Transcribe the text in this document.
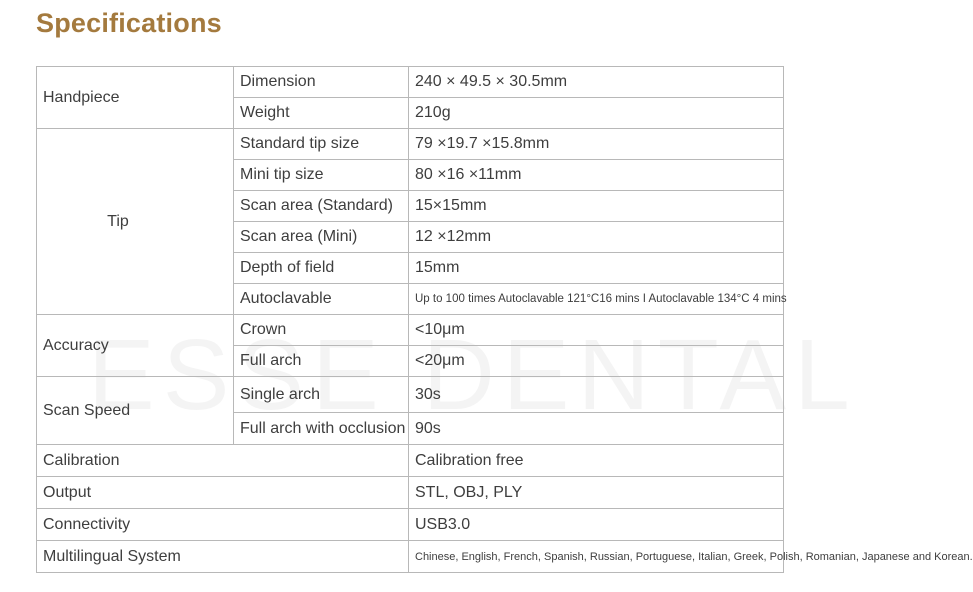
Specifications
Handpiece	Dimension	240 × 49.5 × 30.5mm
	Weight	210g
Tip	Standard tip size	79 ×19.7 ×15.8mm
	Mini tip size	80 ×16 ×11mm
	Scan area (Standard)	15×15mm
	Scan area (Mini)	12 ×12mm
	Depth of field	15mm
	Autoclavable	Up to 100 times Autoclavable 121°C16 mins I Autoclavable 134°C 4 mins
Accuracy	Crown	<10μm
	Full arch	<20μm
Scan Speed	Single arch	30s
	Full arch with occlusion	90s
Calibration		Calibration free
Output		STL, OBJ, PLY
Connectivity		USB3.0
Multilingual System		Chinese, English, French, Spanish, Russian, Portuguese, Italian, Greek, Polish, Romanian, Japanese and Korean.
